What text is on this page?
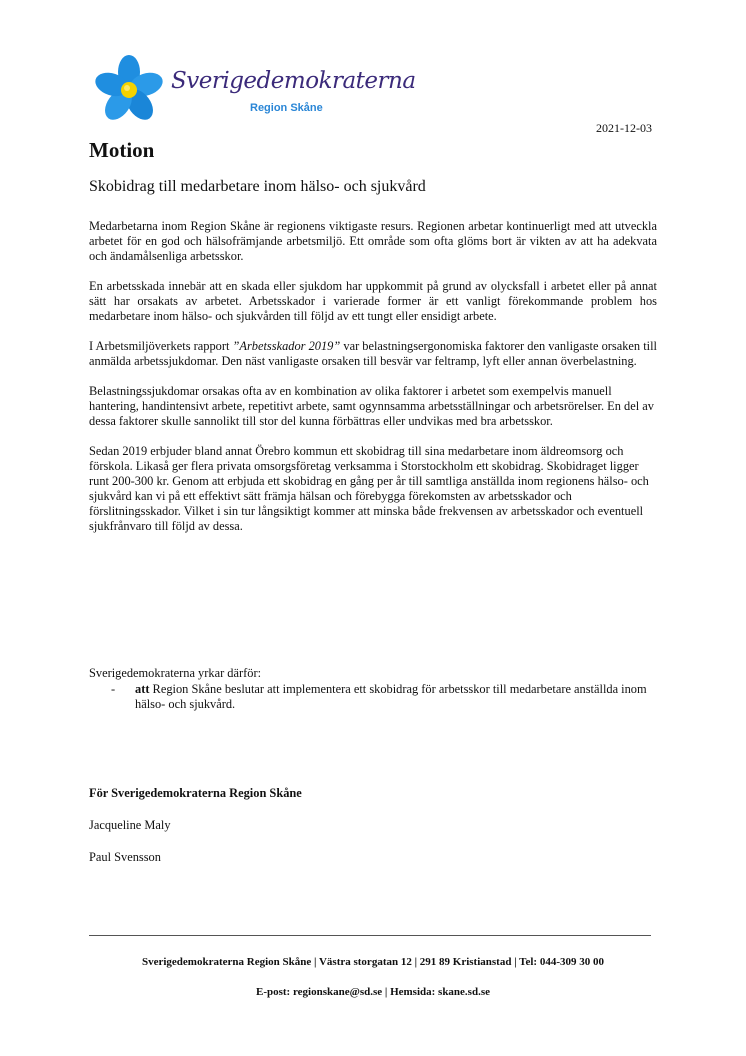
Sverigedemokraterna
Region Skåne
2021-12-03
Motion
Skobidrag till medarbetare inom hälso- och sjukvård

Medarbetarna inom Region Skåne är regionens viktigaste resurs. Regionen arbetar kontinuerligt med att utveckla arbetet för en god och hälsofrämjande arbetsmiljö. Ett område som ofta glöms bort är vikten av att ha adekvata och ändamålsenliga arbetsskor.

En arbetsskada innebär att en skada eller sjukdom har uppkommit på grund av olycksfall i arbetet eller på annat sätt har orsakats av arbetet. Arbetsskador i varierade former är ett vanligt förekommande problem hos medarbetare inom hälso- och sjukvården till följd av ett tungt eller ensidigt arbete.

I Arbetsmiljöverkets rapport ”Arbetsskador 2019” var belastningsergonomiska faktorer den vanligaste orsaken till anmälda arbetssjukdomar. Den näst vanligaste orsaken till besvär var feltramp, lyft eller annan överbelastning.

Belastningssjukdomar orsakas ofta av en kombination av olika faktorer i arbetet som exempelvis manuell hantering, handintensivt arbete, repetitivt arbete, samt ogynnsamma arbetsställningar och arbetsrörelser. En del av dessa faktorer skulle sannolikt till stor del kunna förbättras eller undvikas med bra arbetsskor.

Sedan 2019 erbjuder bland annat Örebro kommun ett skobidrag till sina medarbetare inom äldreomsorg och förskola. Likaså ger flera privata omsorgsföretag verksamma i Storstockholm ett skobidrag. Skobidraget ligger runt 200-300 kr. Genom att erbjuda ett skobidrag en gång per år till samtliga anställda inom regionens hälso- och sjukvård kan vi på ett effektivt sätt främja hälsan och förebygga förekomsten av arbetsskador och förslitningsskador. Vilket i sin tur långsiktigt kommer att minska både frekvensen av arbetsskador och eventuell sjukfrånvaro till följd av dessa.

Sverigedemokraterna yrkar därför:
- att Region Skåne beslutar att implementera ett skobidrag för arbetsskor till medarbetare anställda inom hälso- och sjukvård.
För Sverigedemokraterna Region Skåne
Jacqueline Maly
Paul Svensson
Sverigedemokraterna Region Skåne | Västra storgatan 12 | 291 89 Kristianstad | Tel: 044-309 30 00
E-post: regionskane@sd.se | Hemsida: skane.sd.se
